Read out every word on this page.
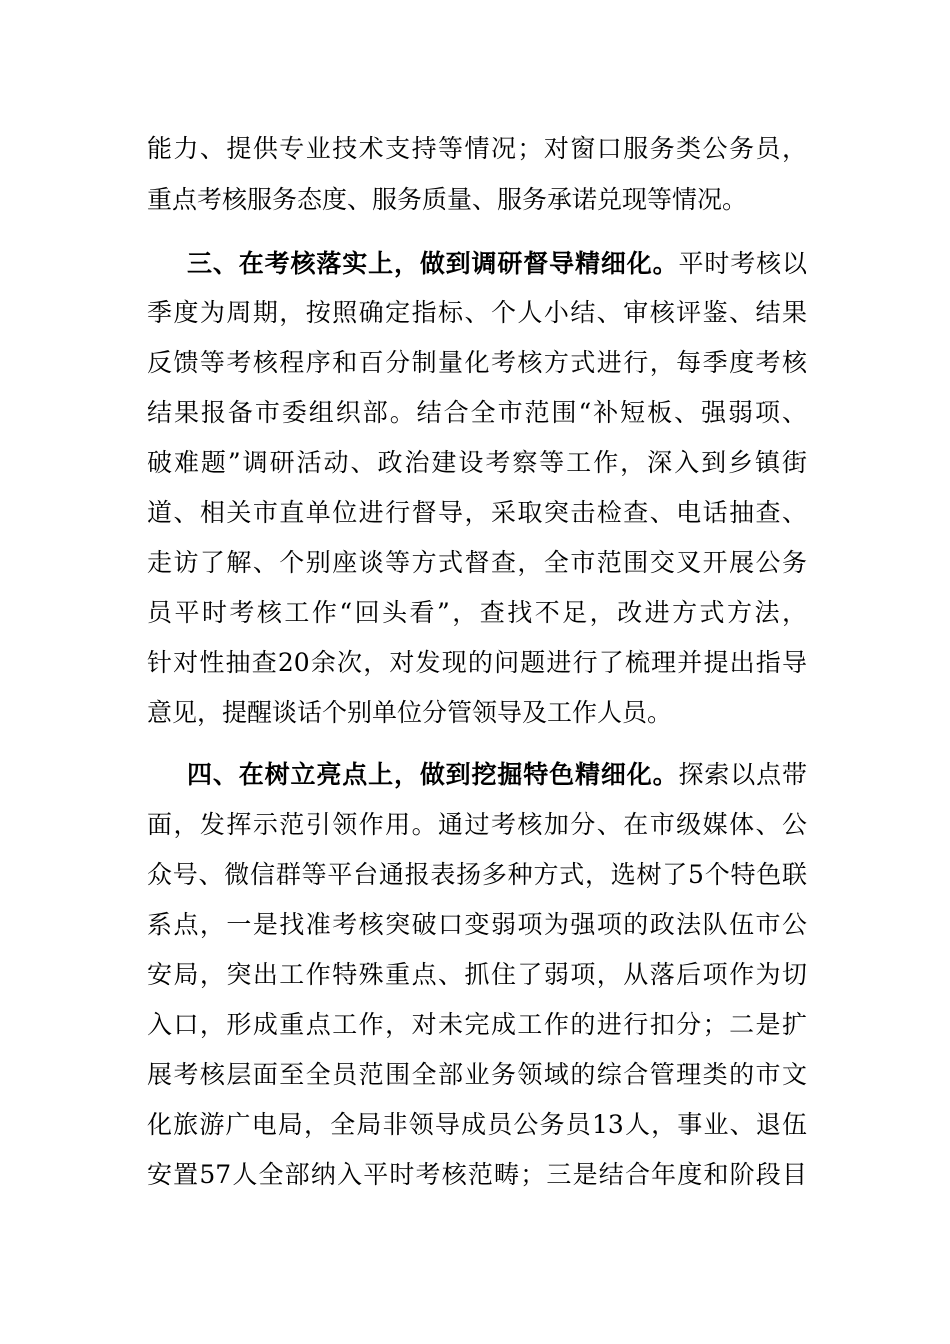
能力、提供专业技术支持等情况；对窗口服务类公务员，
重点考核服务态度、服务质量、服务承诺兑现等情况。
三、在考核落实上，做到调研督导精细化。平时考核以
季度为周期，按照确定指标、个人小结、审核评鉴、结果
反馈等考核程序和百分制量化考核方式进行，每季度考核
结果报备市委组织部。结合全市范围“补短板、强弱项、
破难题”调研活动、政治建设考察等工作，深入到乡镇街
道、相关市直单位进行督导，采取突击检查、电话抽查、
走访了解、个别座谈等方式督查，全市范围交叉开展公务
员平时考核工作“回头看”，查找不足，改进方式方法，
针对性抽查20余次，对发现的问题进行了梳理并提出指导
意见，提醒谈话个别单位分管领导及工作人员。
四、在树立亮点上，做到挖掘特色精细化。探索以点带
面，发挥示范引领作用。通过考核加分、在市级媒体、公
众号、微信群等平台通报表扬多种方式，选树了5个特色联
系点，一是找准考核突破口变弱项为强项的政法队伍市公
安局，突出工作特殊重点、抓住了弱项，从落后项作为切
入口，形成重点工作，对未完成工作的进行扣分；二是扩
展考核层面至全员范围全部业务领域的综合管理类的市文
化旅游广电局，全局非领导成员公务员13人，事业、退伍
安置57人全部纳入平时考核范畴；三是结合年度和阶段目
